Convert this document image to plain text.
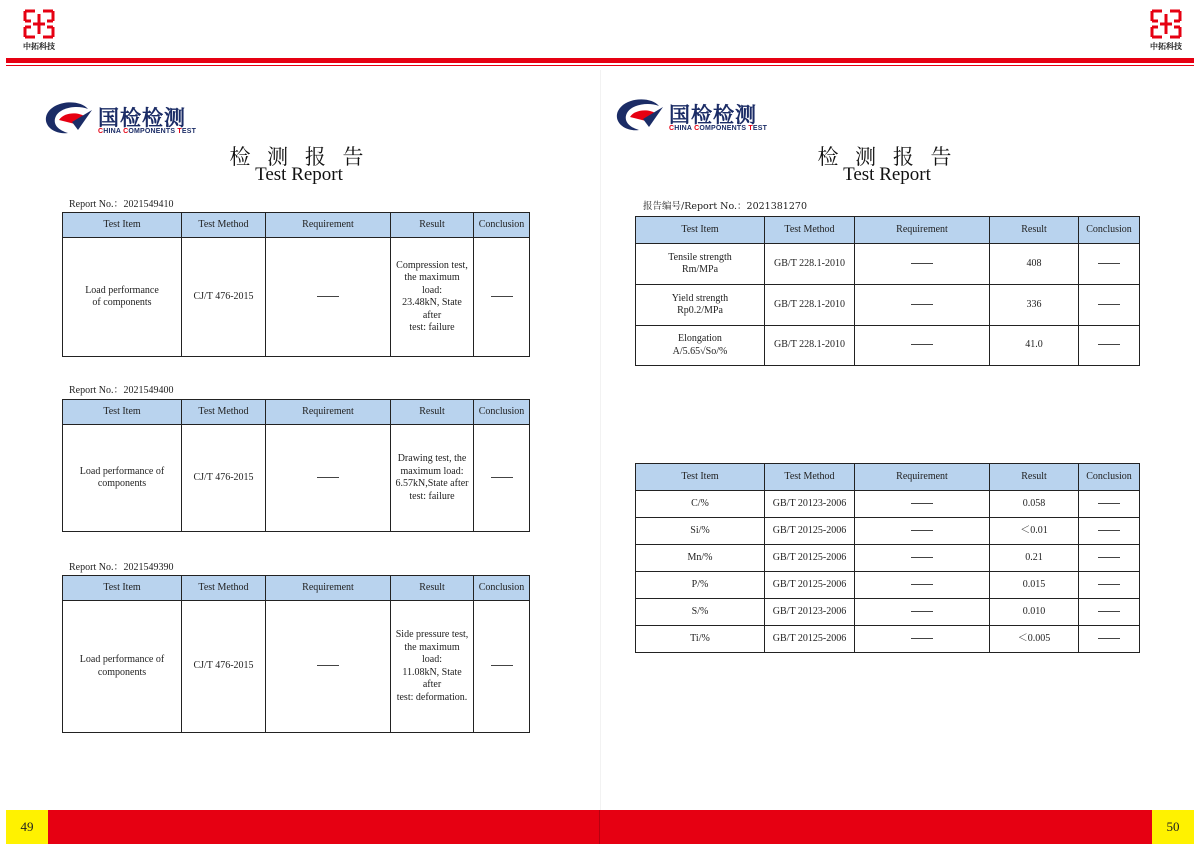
中拓科技	中拓科技
国检检测
CHINA COMPONENTS TEST
检 测 报 告
Test Report
Report No.：2021549410
Test Item	Test Method	Requirement	Result	Conclusion
Load performance
of components	CJ/T 476-2015		Compression test,
the maximum load:
23.48kN, State after
test: failure	
Report No.：2021549400
Test Item	Test Method	Requirement	Result	Conclusion
Load performance of
components	CJ/T 476-2015		Drawing test, the
maximum load:
6.57kN,State after
test: failure	
Report No.：2021549390
Test Item	Test Method	Requirement	Result	Conclusion
Load performance of
components	CJ/T 476-2015		Side pressure test,
the maximum load:
11.08kN, State after
test: deformation.	
国检检测
CHINA COMPONENTS TEST
检 测 报 告
Test Report
报告编号/Report No.：2021381270
Test Item	Test Method	Requirement	Result	Conclusion
Tensile strength
Rm/MPa	GB/T 228.1-2010		408	
Yield strength
Rp0.2/MPa	GB/T 228.1-2010		336	
Elongation
A/5.65√So/%	GB/T 228.1-2010		41.0	
Test Item	Test Method	Requirement	Result	Conclusion
C/%	GB/T 20123-2006		0.058	
Si/%	GB/T 20125-2006		＜0.01	
Mn/%	GB/T 20125-2006		0.21	
P/%	GB/T 20125-2006		0.015	
S/%	GB/T 20123-2006		0.010	
Ti/%	GB/T 20125-2006		＜0.005	
49	50
